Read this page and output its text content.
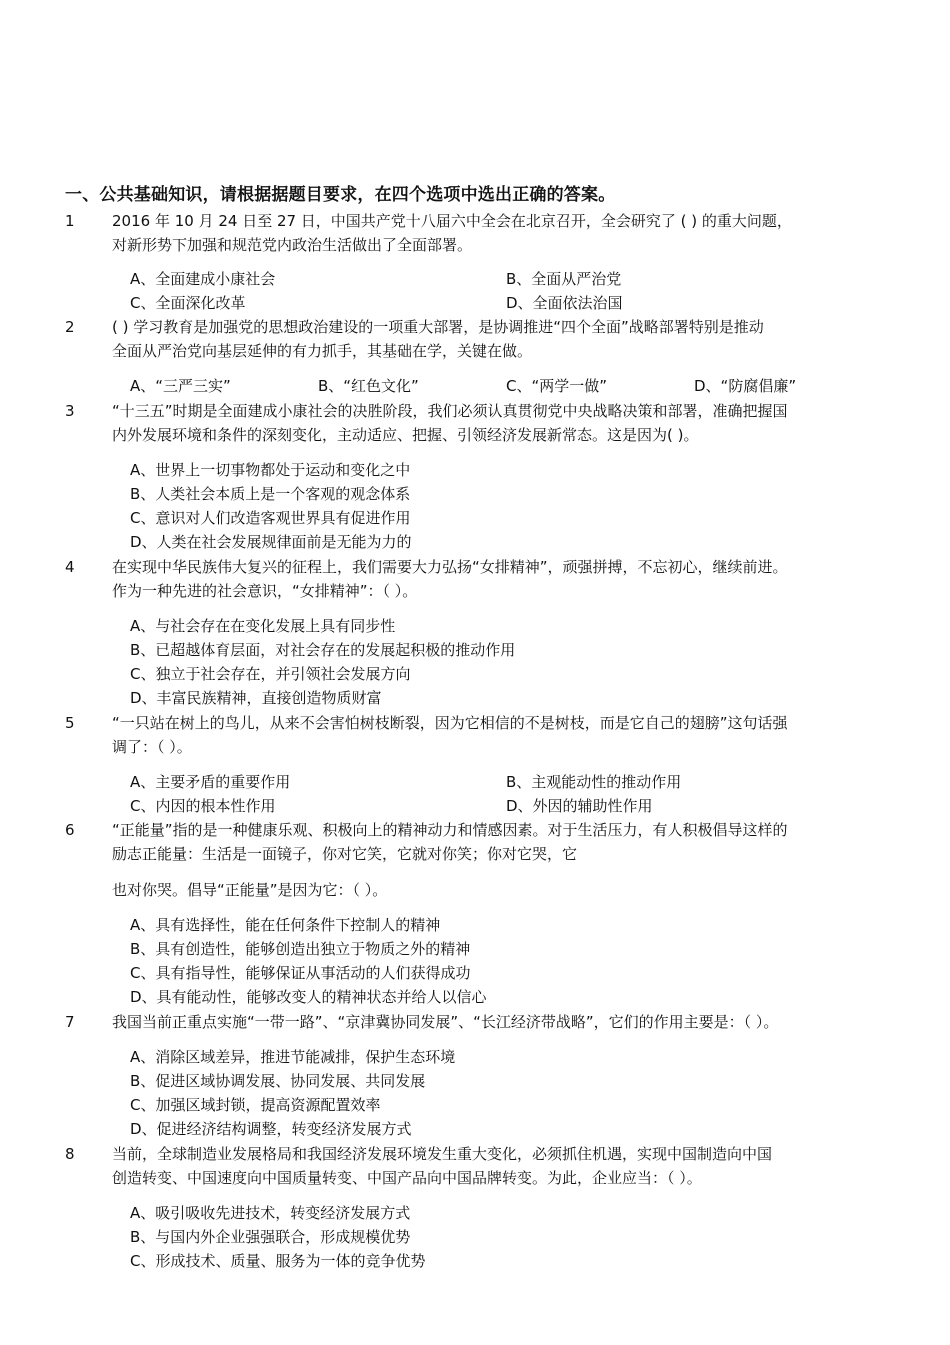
一、公共基础知识，请根据据题目要求，在四个选项中选出正确的答案。
1 2016 年 10 月 24 日至 27 日，中国共产党十八届六中全会在北京召开，全会研究了 ( ) 的重大问题，
对新形势下加强和规范党内政治生活做出了全面部署。
A、全面建成小康社会	B、全面从严治党
C、全面深化改革	D、全面依法治国
2 ( ) 学习教育是加强党的思想政治建设的一项重大部署，是协调推进“四个全面”战略部署特别是推动
全面从严治党向基层延伸的有力抓手，其基础在学，关键在做。
A、“三严三实”	B、“红色文化”	C、“两学一做”	D、“防腐倡廉”
3 “十三五”时期是全面建成小康社会的决胜阶段，我们必须认真贯彻党中央战略决策和部署，准确把握国
内外发展环境和条件的深刻变化，主动适应、把握、引领经济发展新常态。这是因为( )。
A、世界上一切事物都处于运动和变化之中
B、人类社会本质上是一个客观的观念体系
C、意识对人们改造客观世界具有促进作用
D、人类在社会发展规律面前是无能为力的
4 在实现中华民族伟大复兴的征程上，我们需要大力弘扬“女排精神”，顽强拼搏，不忘初心，继续前进。
作为一种先进的社会意识，“女排精神”：（ ）。
A、与社会存在在变化发展上具有同步性
B、已超越体育层面，对社会存在的发展起积极的推动作用
C、独立于社会存在，并引领社会发展方向
D、丰富民族精神，直接创造物质财富
5 “一只站在树上的鸟儿，从来不会害怕树枝断裂，因为它相信的不是树枝，而是它自己的翅膀”这句话强
调了：（ ）。
A、主要矛盾的重要作用	B、主观能动性的推动作用
C、内因的根本性作用	D、外因的辅助性作用
6 “正能量”指的是一种健康乐观、积极向上的精神动力和情感因素。对于生活压力，有人积极倡导这样的
励志正能量：生活是一面镜子，你对它笑，它就对你笑；你对它哭，它
也对你哭。倡导“正能量”是因为它：（ ）。
A、具有选择性，能在任何条件下控制人的精神
B、具有创造性，能够创造出独立于物质之外的精神
C、具有指导性，能够保证从事活动的人们获得成功
D、具有能动性，能够改变人的精神状态并给人以信心
7 我国当前正重点实施“一带一路”、“京津冀协同发展”、“长江经济带战略”，它们的作用主要是：（ ）。
A、消除区域差异，推进节能减排，保护生态环境
B、促进区域协调发展、协同发展、共同发展
C、加强区域封锁，提高资源配置效率
D、促进经济结构调整，转变经济发展方式
8 当前，全球制造业发展格局和我国经济发展环境发生重大变化，必须抓住机遇，实现中国制造向中国
创造转变、中国速度向中国质量转变、中国产品向中国品牌转变。为此，企业应当：（ ）。
A、吸引吸收先进技术，转变经济发展方式
B、与国内外企业强强联合，形成规模优势
C、形成技术、质量、服务为一体的竞争优势
